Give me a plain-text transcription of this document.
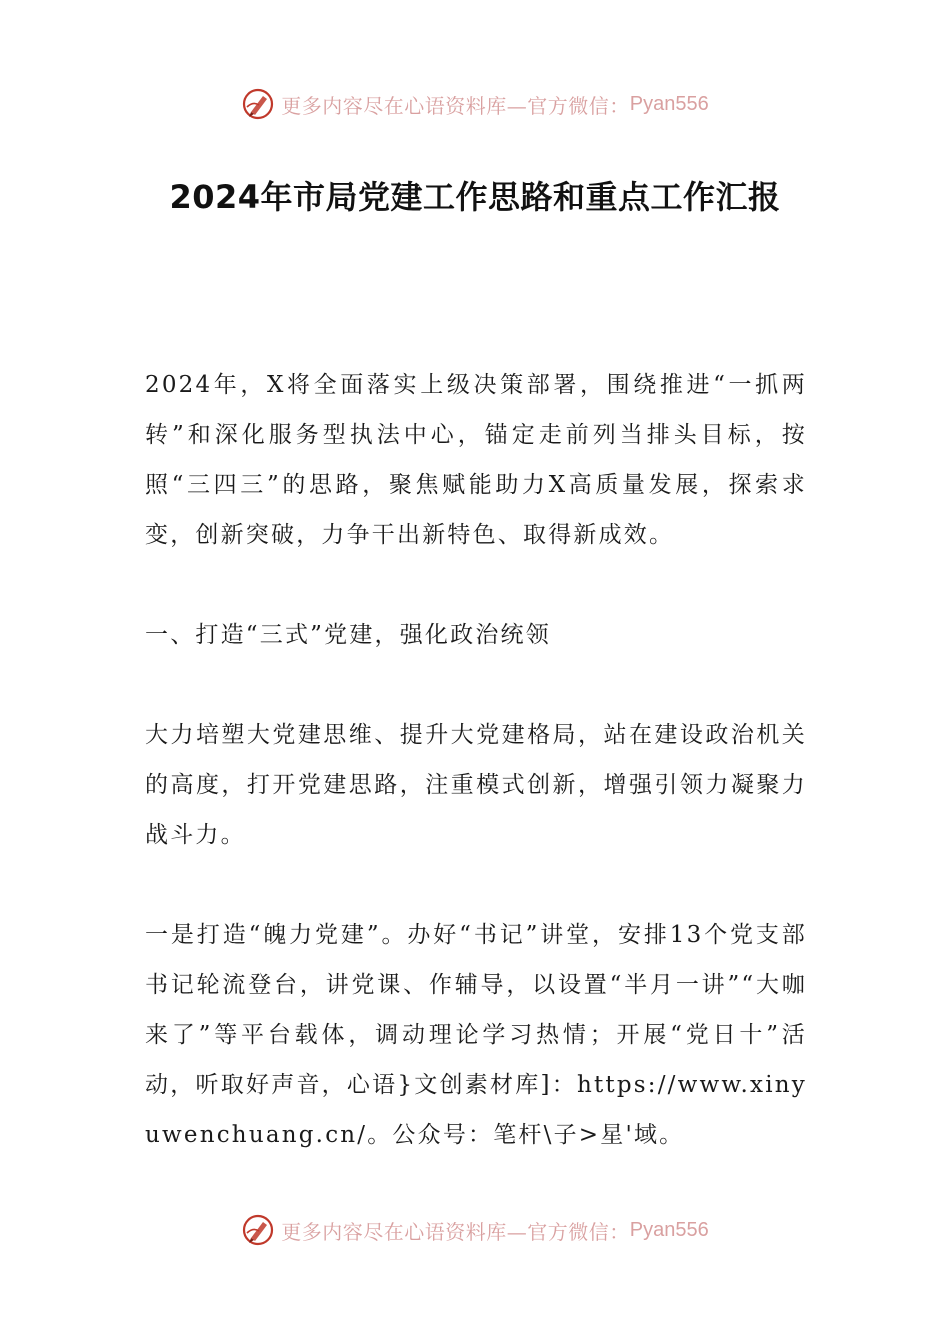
更多内容尽在心语资料库—官方微信： Pyan556
2024年市局党建工作思路和重点工作汇报

2024年，X将全面落实上级决策部署，围绕推进“一抓两转”和深化服务型执法中心，锚定走前列当排头目标，按照“三四三”的思路，聚焦赋能助力X高质量发展，探索求变，创新突破，力争干出新特色、取得新成效。

一、打造“三式”党建，强化政治统领

大力培塑大党建思维、提升大党建格局，站在建设政治机关的高度，打开党建思路，注重模式创新，增强引领力凝聚力战斗力。

一是打造“魄力党建”。办好“书记”讲堂，安排13个党支部书记轮流登台，讲党课、作辅导，以设置“半月一讲”“大咖来了”等平台载体，调动理论学习热情；开展“党日十”活动，听取好声音，心语}文创素材库]：https://www.xinyuwenchuang.cn/。公众号：笔杆\子>星'域。

更多内容尽在心语资料库—官方微信： Pyan556
